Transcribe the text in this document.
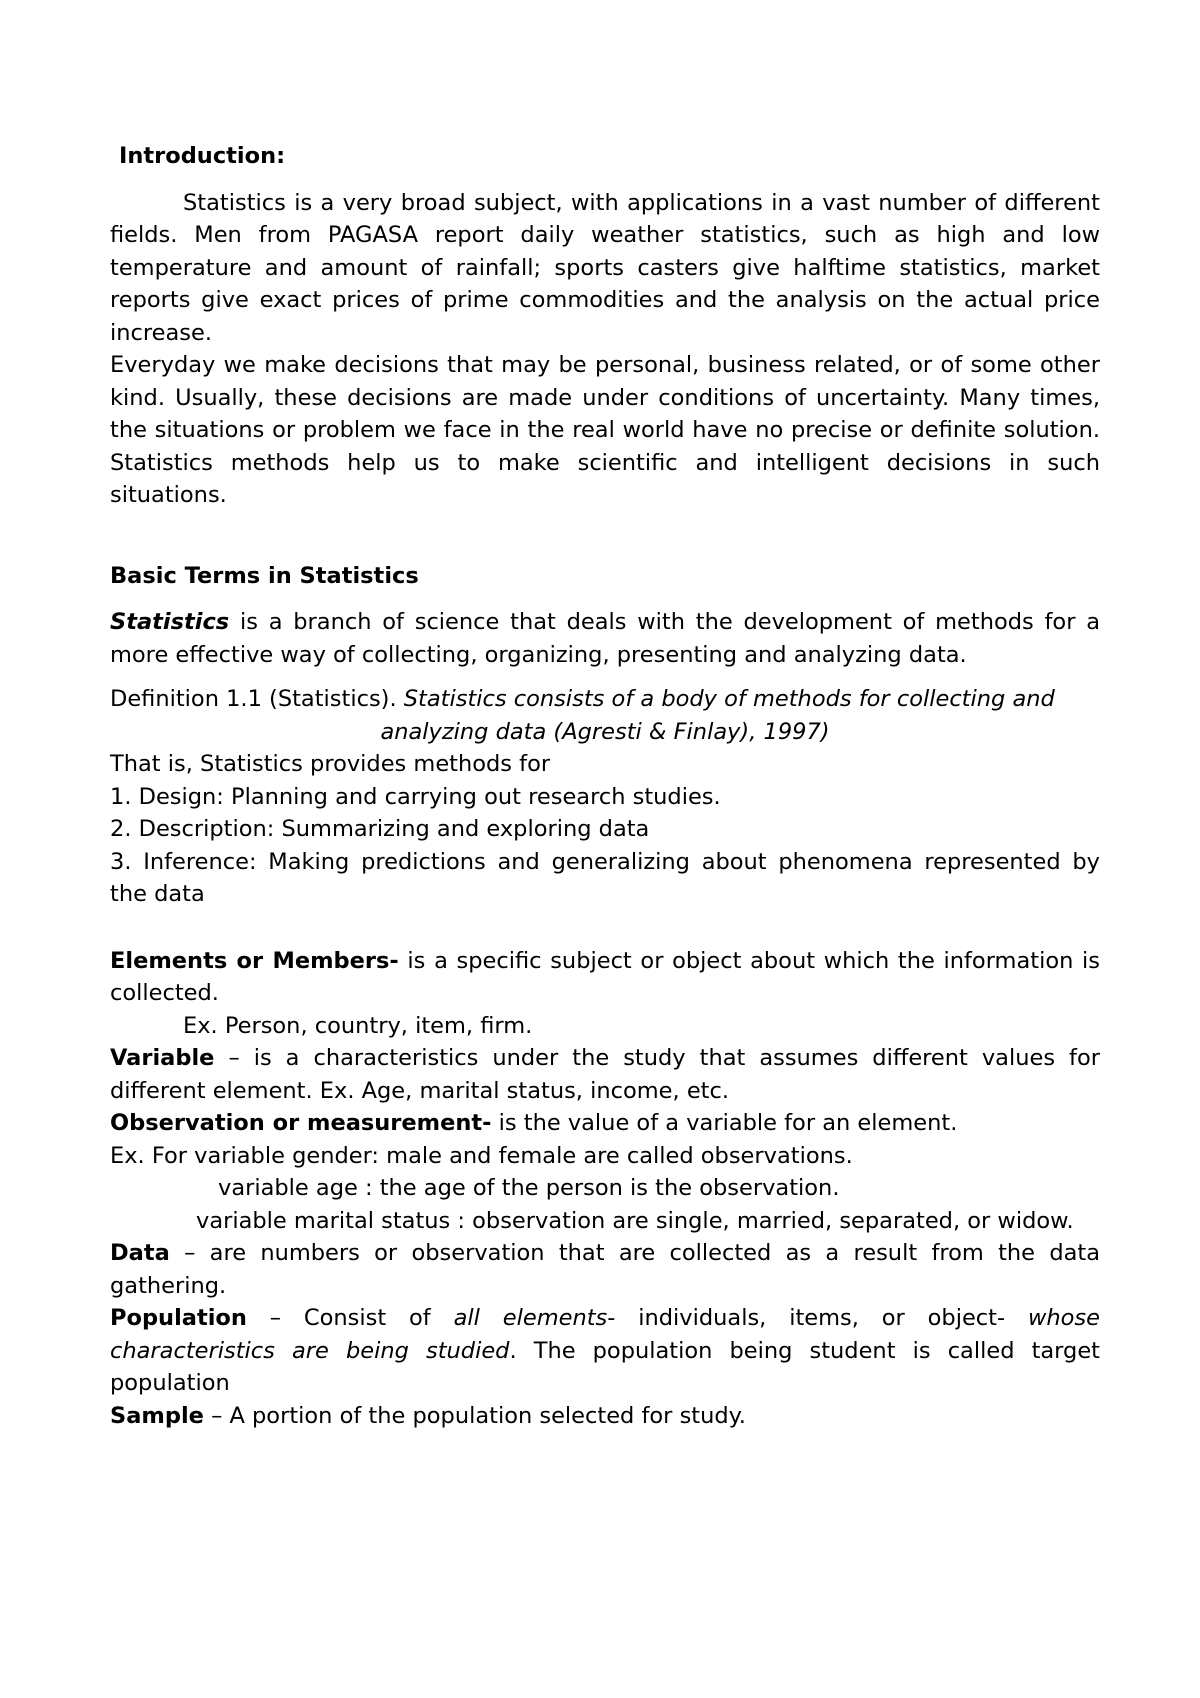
Introduction:

Statistics is a very broad subject, with applications in a vast number of different fields. Men from PAGASA report daily weather statistics, such as high and low temperature and amount of rainfall; sports casters give halftime statistics, market reports give exact prices of prime commodities and the analysis on the actual price increase.

Everyday we make decisions that may be personal, business related, or of some other kind. Usually, these decisions are made under conditions of uncertainty. Many times, the situations or problem we face in the real world have no precise or definite solution. Statistics methods help us to make scientific and intelligent decisions in such situations.

Basic Terms in Statistics

Statistics is a branch of science that deals with the development of methods for a more effective way of collecting, organizing, presenting and analyzing data.

Definition 1.1 (Statistics). Statistics consists of a body of methods for collecting and

analyzing data (Agresti & Finlay), 1997)

That is, Statistics provides methods for

1. Design: Planning and carrying out research studies.

2. Description: Summarizing and exploring data

3. Inference: Making predictions and generalizing about phenomena represented by the data

Elements or Members- is a specific subject or object about which the information is collected.

Ex. Person, country, item, firm.

Variable – is a characteristics under the study that assumes different values for different element. Ex. Age, marital status, income, etc.

Observation or measurement- is the value of a variable for an element.

Ex. For variable gender: male and female are called observations.

variable age : the age of the person is the observation.

variable marital status : observation are single, married, separated, or widow.

Data – are numbers or observation that are collected as a result from the data gathering.

Population – Consist of all elements- individuals, items, or object- whose characteristics are being studied. The population being student is called target population

Sample – A portion of the population selected for study.
